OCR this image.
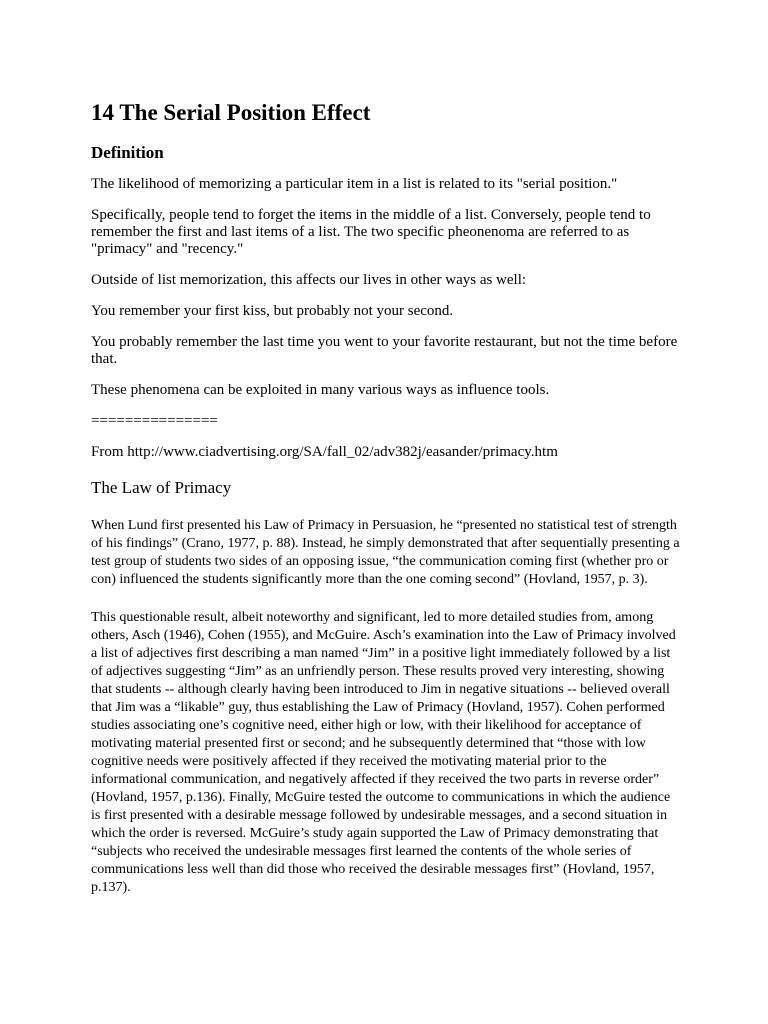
14 The Serial Position Effect
Definition

The likelihood of memorizing a particular item in a list is related to its "serial position."

Specifically, people tend to forget the items in the middle of a list. Conversely, people tend to remember the first and last items of a list. The two specific pheonenoma are referred to as "primacy" and "recency."

Outside of list memorization, this affects our lives in other ways as well:

You remember your first kiss, but probably not your second.

You probably remember the last time you went to your favorite restaurant, but not the time before that.

These phenomena can be exploited in many various ways as influence tools.

===============

From http://www.ciadvertising.org/SA/fall_02/adv382j/easander/primacy.htm

The Law of Primacy

When Lund first presented his Law of Primacy in Persuasion, he “presented no statistical test of strength of his findings” (Crano, 1977, p. 88). Instead, he simply demonstrated that after sequentially presenting a test group of students two sides of an opposing issue, “the communication coming first (whether pro or con) influenced the students significantly more than the one coming second” (Hovland, 1957, p. 3).

This questionable result, albeit noteworthy and significant, led to more detailed studies from, among others, Asch (1946), Cohen (1955), and McGuire. Asch’s examination into the Law of Primacy involved a list of adjectives first describing a man named “Jim” in a positive light immediately followed by a list of adjectives suggesting “Jim” as an unfriendly person. These results proved very interesting, showing that students -- although clearly having been introduced to Jim in negative situations -- believed overall that Jim was a “likable” guy, thus establishing the Law of Primacy (Hovland, 1957). Cohen performed studies associating one’s cognitive need, either high or low, with their likelihood for acceptance of motivating material presented first or second; and he subsequently determined that “those with low cognitive needs were positively affected if they received the motivating material prior to the informational communication, and negatively affected if they received the two parts in reverse order” (Hovland, 1957, p.136). Finally, McGuire tested the outcome to communications in which the audience is first presented with a desirable message followed by undesirable messages, and a second situation in which the order is reversed. McGuire’s study again supported the Law of Primacy demonstrating that “subjects who received the undesirable messages first learned the contents of the whole series of communications less well than did those who received the desirable messages first” (Hovland, 1957, p.137).
